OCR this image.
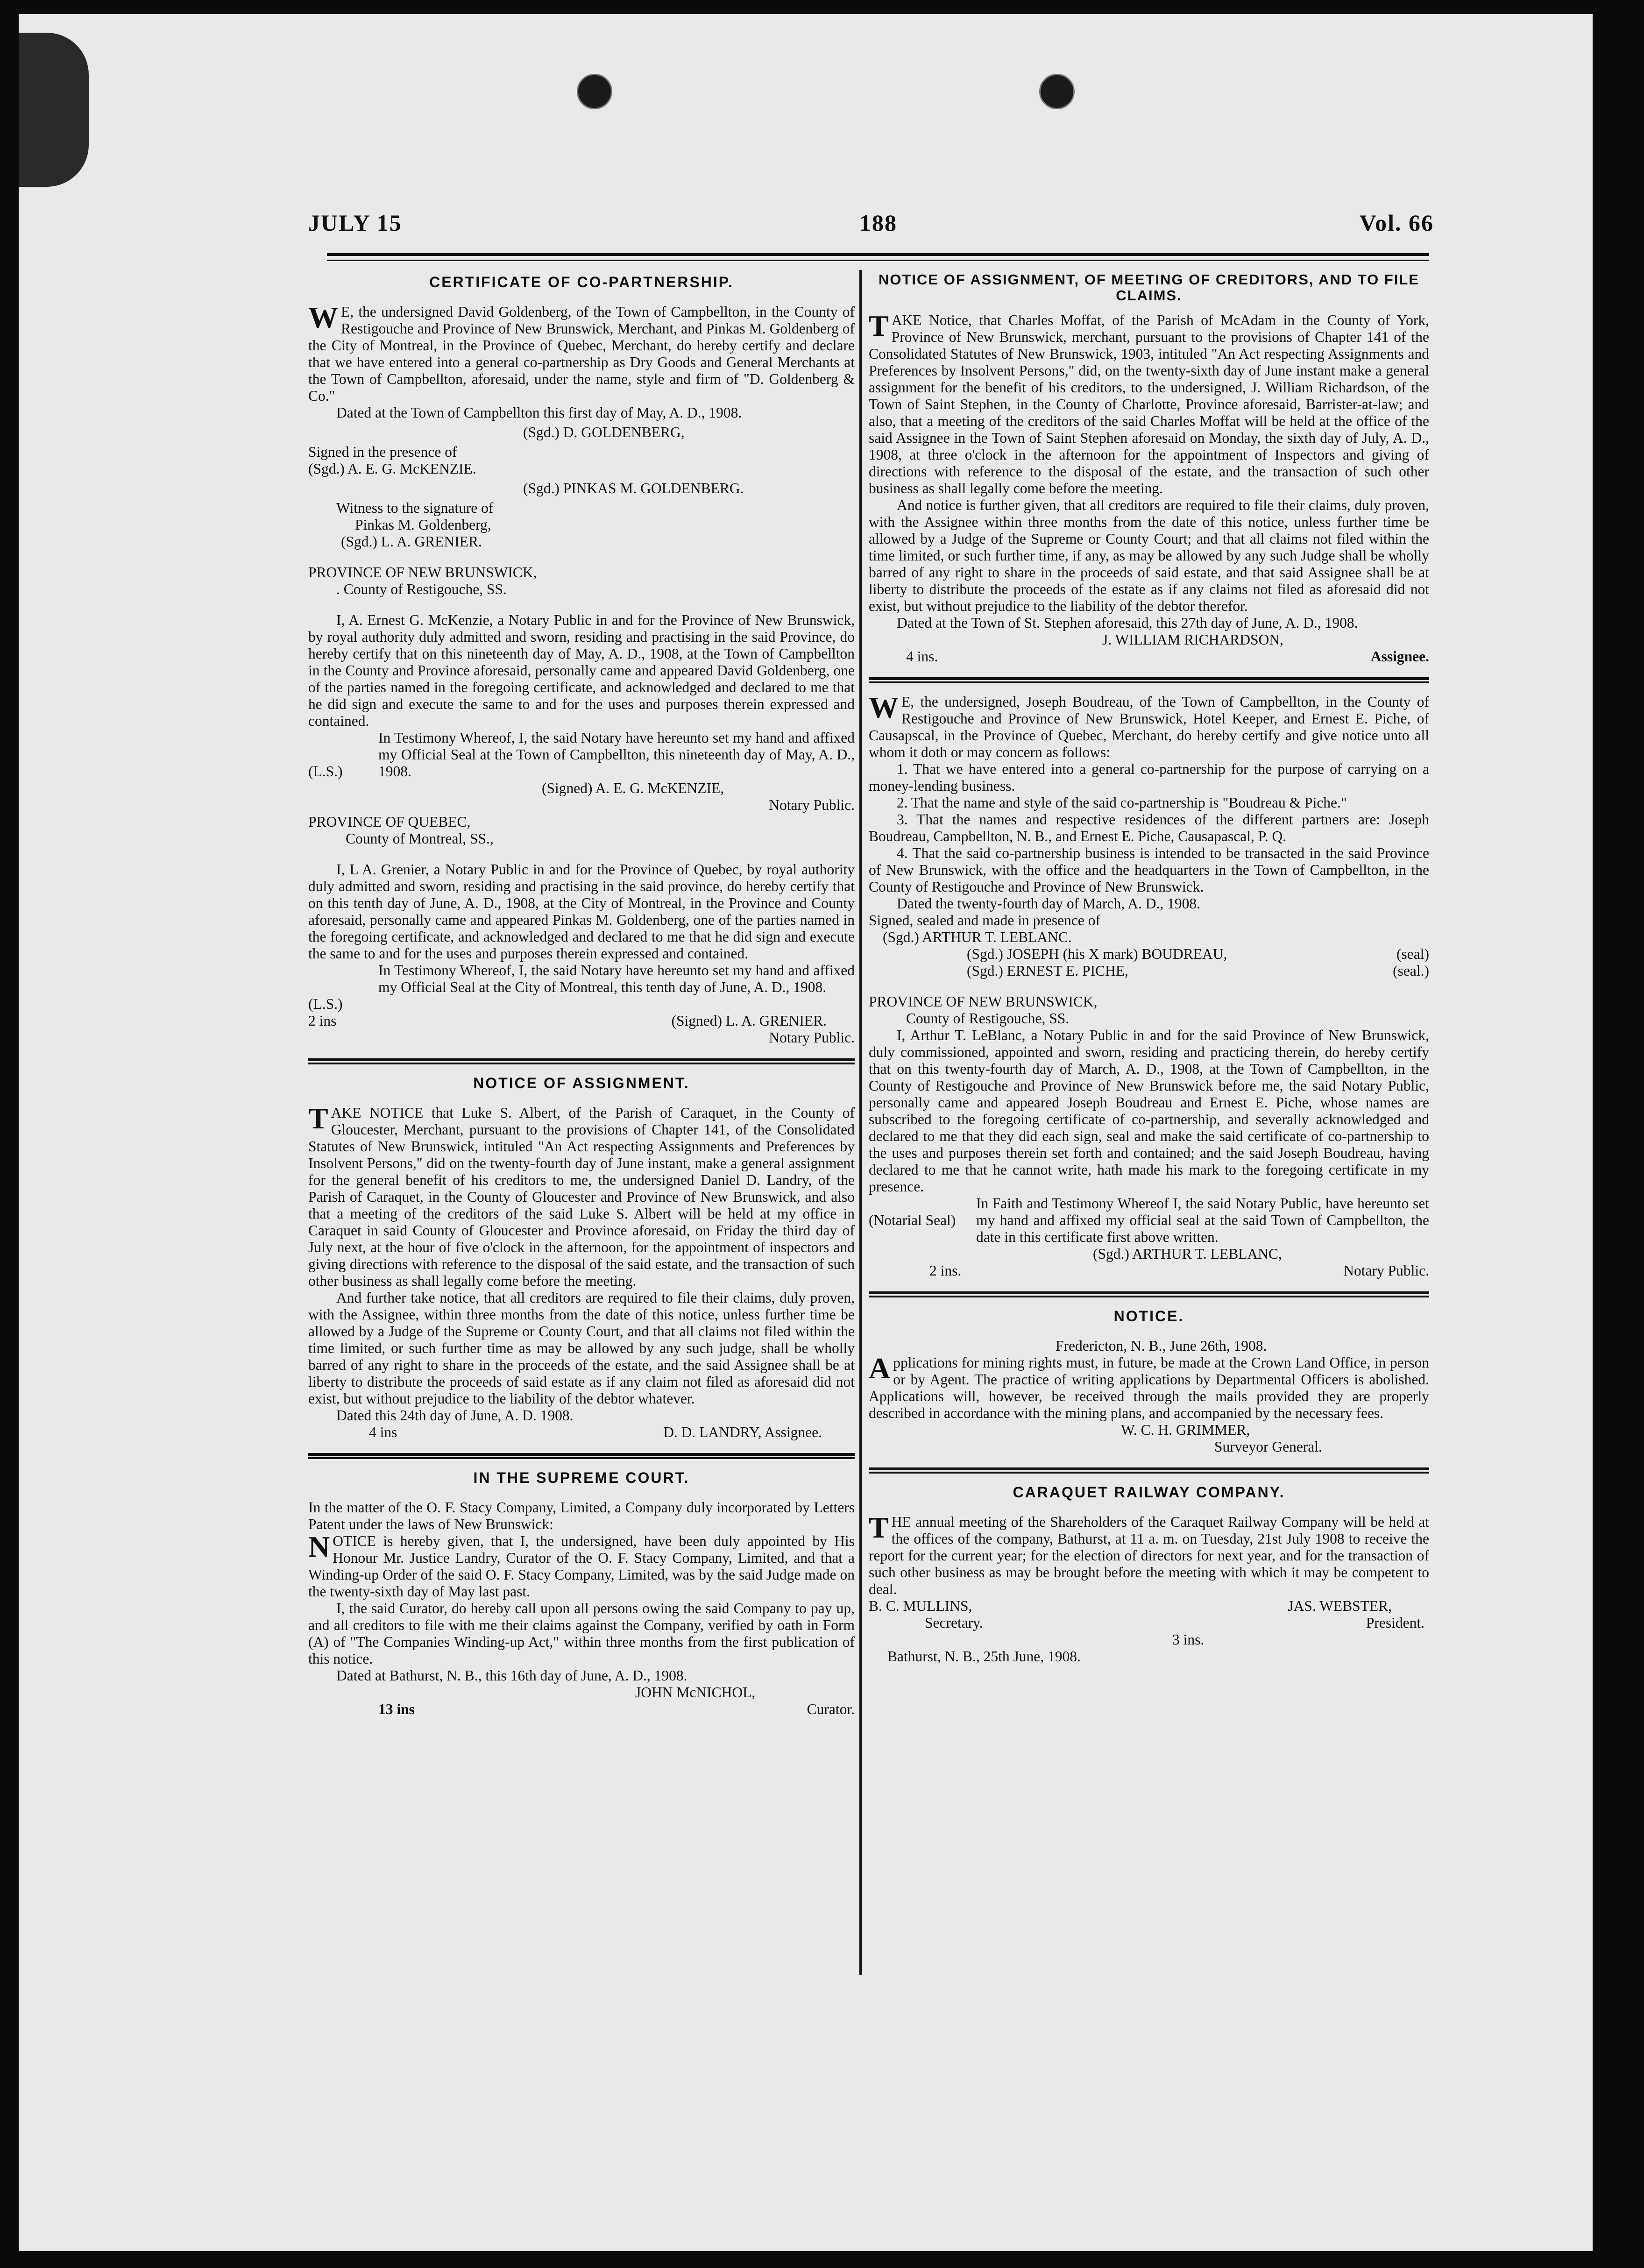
JULY 15	188	Vol. 66
CERTIFICATE OF CO-PARTNERSHIP.

WE, the undersigned David Goldenberg, of the Town of Campbellton, in the County of Restigouche and Province of New Brunswick, Merchant, and Pinkas M. Goldenberg of the City of Montreal, in the Province of Quebec, Merchant, do hereby certify and declare that we have entered into a general co-partnership as Dry Goods and General Merchants at the Town of Campbellton, aforesaid, under the name, style and firm of "D. Goldenberg & Co."

Dated at the Town of Campbellton this first day of May, A. D., 1908.

(Sgd.) D. GOLDENBERG,

Signed in the presence of

(Sgd.) A. E. G. McKENZIE.

(Sgd.) PINKAS M. GOLDENBERG.

Witness to the signature of

Pinkas M. Goldenberg,

(Sgd.) L. A. GRENIER.

PROVINCE OF NEW BRUNSWICK,

. County of Restigouche, SS.

I, A. Ernest G. McKenzie, a Notary Public in and for the Province of New Brunswick, by royal authority duly admitted and sworn, residing and practising in the said Province, do hereby certify that on this nineteenth day of May, A. D., 1908, at the Town of Campbellton in the County and Province aforesaid, personally came and appeared David Goldenberg, one of the parties named in the foregoing certificate, and acknowledged and declared to me that he did sign and execute the same to and for the uses and purposes therein expressed and contained.

(L.S.)

In Testimony Whereof, I, the said Notary have hereunto set my hand and affixed my Official Seal at the Town of Campbellton, this nineteenth day of May, A. D., 1908.

(Signed) A. E. G. McKENZIE,

Notary Public.

PROVINCE OF QUEBEC,

County of Montreal, SS.,

I, L A. Grenier, a Notary Public in and for the Province of Quebec, by royal authority duly admitted and sworn, residing and practising in the said province, do hereby certify that on this tenth day of June, A. D., 1908, at the City of Montreal, in the Province and County aforesaid, personally came and appeared Pinkas M. Goldenberg, one of the parties named in the foregoing certificate, and acknowledged and declared to me that he did sign and execute the same to and for the uses and purposes therein expressed and contained.

(L.S.)

In Testimony Whereof, I, the said Notary have hereunto set my hand and affixed my Official Seal at the City of Montreal, this tenth day of June, A. D., 1908.

2 ins	(Signed) L. A. GRENIER.

Notary Public.

NOTICE OF ASSIGNMENT.

TAKE NOTICE that Luke S. Albert, of the Parish of Caraquet, in the County of Gloucester, Merchant, pursuant to the provisions of Chapter 141, of the Consolidated Statutes of New Brunswick, intituled "An Act respecting Assignments and Preferences by Insolvent Persons," did on the twenty-fourth day of June instant, make a general assignment for the general benefit of his creditors to me, the undersigned Daniel D. Landry, of the Parish of Caraquet, in the County of Gloucester and Province of New Brunswick, and also that a meeting of the creditors of the said Luke S. Albert will be held at my office in Caraquet in said County of Gloucester and Province aforesaid, on Friday the third day of July next, at the hour of five o'clock in the afternoon, for the appointment of inspectors and giving directions with reference to the disposal of the said estate, and the transaction of such other business as shall legally come before the meeting.

And further take notice, that all creditors are required to file their claims, duly proven, with the Assignee, within three months from the date of this notice, unless further time be allowed by a Judge of the Supreme or County Court, and that all claims not filed within the time limited, or such further time as may be allowed by any such judge, shall be wholly barred of any right to share in the proceeds of the estate, and the said Assignee shall be at liberty to distribute the proceeds of said estate as if any claim not filed as aforesaid did not exist, but without prejudice to the liability of the debtor whatever.

Dated this 24th day of June, A. D. 1908.

4 ins	D. D. LANDRY, Assignee.
IN THE SUPREME COURT.

In the matter of the O. F. Stacy Company, Limited, a Company duly incorporated by Letters Patent under the laws of New Brunswick:

NOTICE is hereby given, that I, the undersigned, have been duly appointed by His Honour Mr. Justice Landry, Curator of the O. F. Stacy Company, Limited, and that a Winding-up Order of the said O. F. Stacy Company, Limited, was by the said Judge made on the twenty-sixth day of May last past.

I, the said Curator, do hereby call upon all persons owing the said Company to pay up, and all creditors to file with me their claims against the Company, verified by oath in Form (A) of "The Companies Winding-up Act," within three months from the first publication of this notice.

Dated at Bathurst, N. B., this 16th day of June, A. D., 1908.

JOHN McNICHOL,

13 ins	Curator.
NOTICE OF ASSIGNMENT, OF MEETING OF CREDITORS, AND TO FILE CLAIMS.

TAKE Notice, that Charles Moffat, of the Parish of McAdam in the County of York, Province of New Brunswick, merchant, pursuant to the provisions of Chapter 141 of the Consolidated Statutes of New Brunswick, 1903, intituled "An Act respecting Assignments and Preferences by Insolvent Persons," did, on the twenty-sixth day of June instant make a general assignment for the benefit of his creditors, to the undersigned, J. William Richardson, of the Town of Saint Stephen, in the County of Charlotte, Province aforesaid, Barrister-at-law; and also, that a meeting of the creditors of the said Charles Moffat will be held at the office of the said Assignee in the Town of Saint Stephen aforesaid on Monday, the sixth day of July, A. D., 1908, at three o'clock in the afternoon for the appointment of Inspectors and giving of directions with reference to the disposal of the estate, and the transaction of such other business as shall legally come before the meeting.

And notice is further given, that all creditors are required to file their claims, duly proven, with the Assignee within three months from the date of this notice, unless further time be allowed by a Judge of the Supreme or County Court; and that all claims not filed within the time limited, or such further time, if any, as may be allowed by any such Judge shall be wholly barred of any right to share in the proceeds of said estate, and that said Assignee shall be at liberty to distribute the proceeds of the estate as if any claims not filed as aforesaid did not exist, but without prejudice to the liability of the debtor therefor.

Dated at the Town of St. Stephen aforesaid, this 27th day of June, A. D., 1908.

J. WILLIAM RICHARDSON,

4 ins.	Assignee.

WE, the undersigned, Joseph Boudreau, of the Town of Campbellton, in the County of Restigouche and Province of New Brunswick, Hotel Keeper, and Ernest E. Piche, of Causapscal, in the Province of Quebec, Merchant, do hereby certify and give notice unto all whom it doth or may concern as follows:

1. That we have entered into a general co-partnership for the purpose of carrying on a money-lending business.

2. That the name and style of the said co-partnership is "Boudreau & Piche."

3. That the names and respective residences of the different partners are: Joseph Boudreau, Campbellton, N. B., and Ernest E. Piche, Causapascal, P. Q.

4. That the said co-partnership business is intended to be transacted in the said Province of New Brunswick, with the office and the headquarters in the Town of Campbellton, in the County of Restigouche and Province of New Brunswick.

Dated the twenty-fourth day of March, A. D., 1908.

Signed, sealed and made in presence of

(Sgd.) ARTHUR T. LEBLANC.

(Sgd.) JOSEPH (his X mark) BOUDREAU,	(seal)
(Sgd.) ERNEST E. PICHE,	(seal.)

PROVINCE OF NEW BRUNSWICK,

County of Restigouche, SS.

I, Arthur T. LeBlanc, a Notary Public in and for the said Province of New Brunswick, duly commissioned, appointed and sworn, residing and practicing therein, do hereby certify that on this twenty-fourth day of March, A. D., 1908, at the Town of Campbellton, in the County of Restigouche and Province of New Brunswick before me, the said Notary Public, personally came and appeared Joseph Boudreau and Ernest E. Piche, whose names are subscribed to the foregoing certificate of co-partnership, and severally acknowledged and declared to me that they did each sign, seal and make the said certificate of co-partnership to the uses and purposes therein set forth and contained; and the said Joseph Boudreau, having declared to me that he cannot write, hath made his mark to the foregoing certificate in my presence.

(Notarial Seal)

In Faith and Testimony Whereof I, the said Notary Public, have hereunto set my hand and affixed my official seal at the said Town of Campbellton, the date in this certificate first above written.

(Sgd.) ARTHUR T. LEBLANC,

2 ins.	Notary Public.
NOTICE.

Fredericton, N. B., June 26th, 1908.

Applications for mining rights must, in future, be made at the Crown Land Office, in person or by Agent. The practice of writing applications by Departmental Officers is abolished. Applications will, however, be received through the mails provided they are properly described in accordance with the mining plans, and accompanied by the necessary fees.

W. C. H. GRIMMER,

Surveyor General.

CARAQUET RAILWAY COMPANY.

THE annual meeting of the Shareholders of the Caraquet Railway Company will be held at the offices of the company, Bathurst, at 11 a. m. on Tuesday, 21st July 1908 to receive the report for the current year; for the election of directors for next year, and for the transaction of such other business as may be brought before the meeting with which it may be competent to deal.

B. C. MULLINS,	JAS. WEBSTER,
Secretary.	President.

3 ins.

Bathurst, N. B., 25th June, 1908.
